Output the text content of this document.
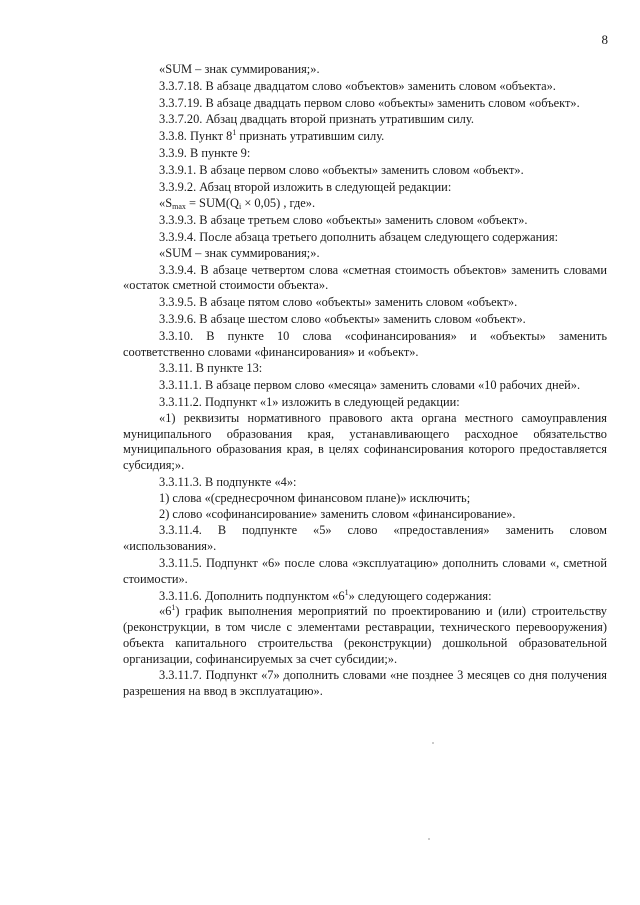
8

«SUM – знак суммирования;».

3.3.7.18. В абзаце двадцатом слово «объектов» заменить словом «объекта».

3.3.7.19. В абзаце двадцать первом слово «объекты» заменить словом «объект».

3.3.7.20. Абзац двадцать второй признать утратившим силу.

3.3.8. Пункт $8^1$ признать утратившим силу.

3.3.9. В пункте 9:

3.3.9.1. В абзаце первом слово «объекты» заменить словом «объект».

3.3.9.2. Абзац второй изложить в следующей редакции:

«$S_{max} = SUM(Q_i \times 0,05)$ , где».

3.3.9.3. В абзаце третьем слово «объекты» заменить словом «объект».

3.3.9.4. После абзаца третьего дополнить абзацем следующего содержания:

«SUM – знак суммирования;».

3.3.9.4. В абзаце четвертом слова «сметная стоимость объектов» заменить словами «остаток сметной стоимости объекта».

3.3.9.5. В абзаце пятом слово «объекты» заменить словом «объект».

3.3.9.6. В абзаце шестом слово «объекты» заменить словом «объект».

3.3.10. В пункте 10 слова «софинансирования» и «объекты» заменить соответственно словами «финансирования» и «объект».

3.3.11. В пункте 13:

3.3.11.1. В абзаце первом слово «месяца» заменить словами «10 рабочих дней».

3.3.11.2. Подпункт «1» изложить в следующей редакции:

«1) реквизиты нормативного правового акта органа местного самоуправления муниципального образования края, устанавливающего расходное обязательство муниципального образования края, в целях софинансирования которого предоставляется субсидия;».

3.3.11.3. В подпункте «4»:

1) слова «(среднесрочном финансовом плане)» исключить;

2) слово «софинансирование» заменить словом «финансирование».

3.3.11.4. В подпункте «5» слово «предоставления» заменить словом «использования».

3.3.11.5. Подпункт «6» после слова «эксплуатацию» дополнить словами «, сметной стоимости».

3.3.11.6. Дополнить подпунктом «$6^1$» следующего содержания:

«$6^1$) график выполнения мероприятий по проектированию и (или) строительству (реконструкции, в том числе с элементами реставрации, технического перевооружения) объекта капитального строительства (реконструкции) дошкольной образовательной организации, софинансируемых за счет субсидии;».

3.3.11.7. Подпункт «7» дополнить словами «не позднее 3 месяцев со дня получения разрешения на ввод в эксплуатацию».
